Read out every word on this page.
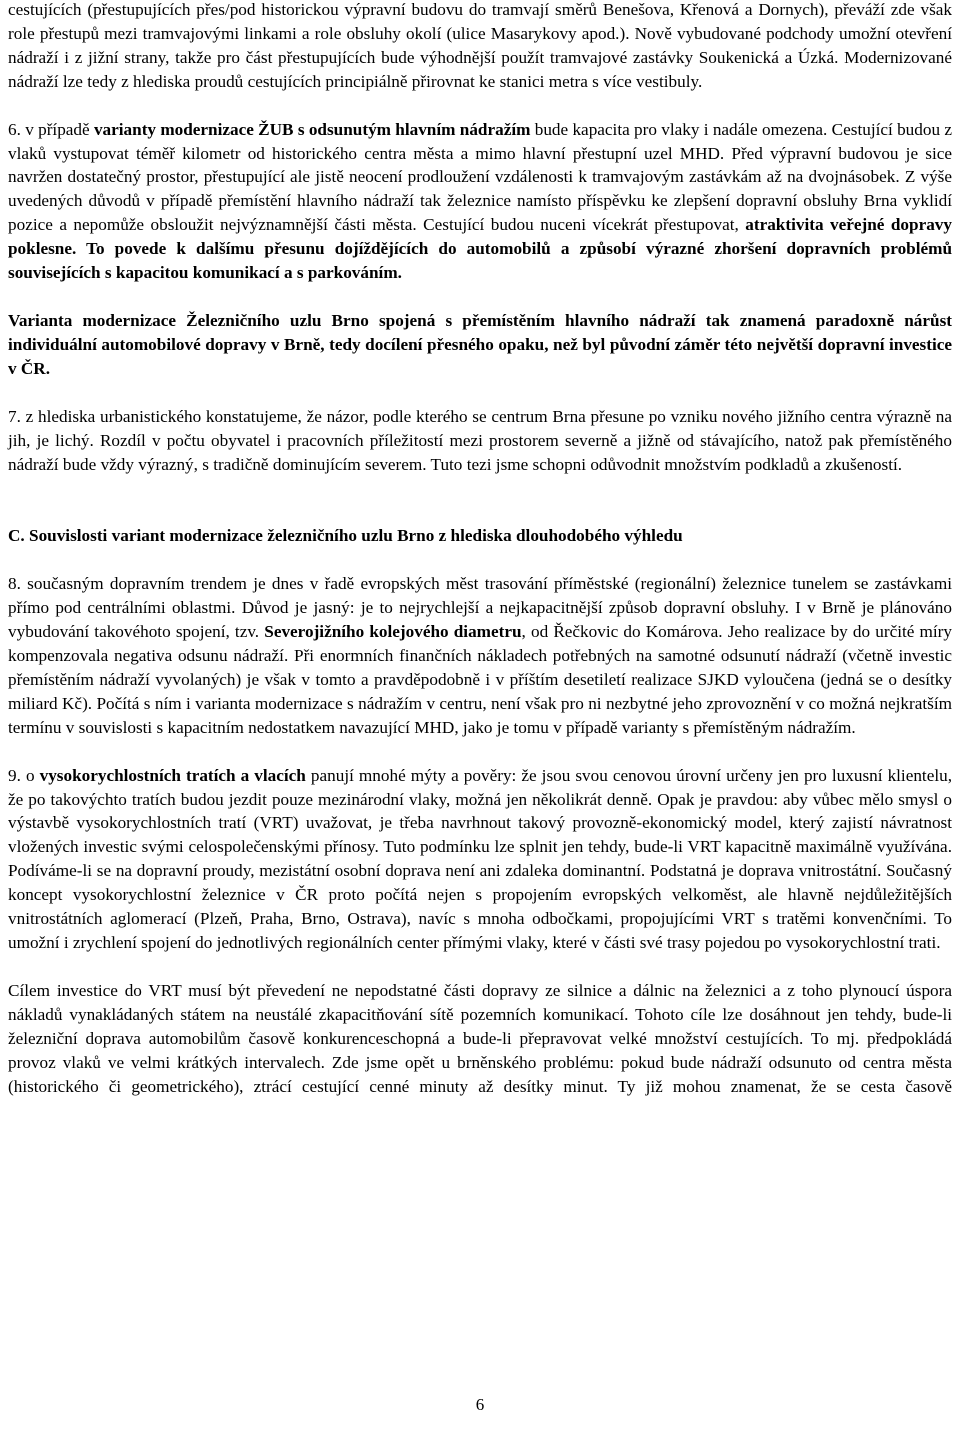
cestujících (přestupujících přes/pod historickou výpravní budovu do tramvají směrů Benešova, Křenová a Dornych), převáží zde však role přestupů mezi tramvajovými linkami a role obsluhy okolí (ulice Masarykovy apod.). Nově vybudované podchody umožní otevření nádraží i z jižní strany, takže pro část přestupujících bude výhodnější použít tramvajové zastávky Soukenická a Úzká. Modernizované nádraží lze tedy z hlediska proudů cestujících principiálně přirovnat ke stanici metra s více vestibuly.

6. v případě varianty modernizace ŽUB s odsunutým hlavním nádražím bude kapacita pro vlaky i nadále omezena. Cestující budou z vlaků vystupovat téměř kilometr od historického centra města a mimo hlavní přestupní uzel MHD. Před výpravní budovou je sice navržen dostatečný prostor, přestupující ale jistě neocení prodloužení vzdálenosti k tramvajovým zastávkám až na dvojnásobek. Z výše uvedených důvodů v případě přemístění hlavního nádraží tak železnice namísto příspěvku ke zlepšení dopravní obsluhy Brna vyklidí pozice a nepomůže obsloužit nejvýznamnější části města. Cestující budou nuceni vícekrát přestupovat, atraktivita veřejné dopravy poklesne. To povede k dalšímu přesunu dojíždějících do automobilů a způsobí výrazné zhoršení dopravních problémů souvisejících s kapacitou komunikací a s parkováním.

Varianta modernizace Železničního uzlu Brno spojená s přemístěním hlavního nádraží tak znamená paradoxně nárůst individuální automobilové dopravy v Brně, tedy docílení přesného opaku, než byl původní záměr této největší dopravní investice v ČR.

7. z hlediska urbanistického konstatujeme, že názor, podle kterého se centrum Brna přesune po vzniku nového jižního centra výrazně na jih, je lichý. Rozdíl v počtu obyvatel i pracovních příležitostí mezi prostorem severně a jižně od stávajícího, natož pak přemístěného nádraží bude vždy výrazný, s tradičně dominujícím severem. Tuto tezi jsme schopni odůvodnit množstvím podkladů a zkušeností.

C. Souvislosti variant modernizace železničního uzlu Brno z hlediska dlouhodobého výhledu

8. současným dopravním trendem je dnes v řadě evropských měst trasování příměstské (regionální) železnice tunelem se zastávkami přímo pod centrálními oblastmi. Důvod je jasný: je to nejrychlejší a nejkapacitnější způsob dopravní obsluhy. I v Brně je plánováno vybudování takovéhoto spojení, tzv. Severojižního kolejového diametru, od Řečkovic do Komárova. Jeho realizace by do určité míry kompenzovala negativa odsunu nádraží. Při enormních finančních nákladech potřebných na samotné odsunutí nádraží (včetně investic přemístěním nádraží vyvolaných) je však v tomto a pravděpodobně i v příštím desetiletí realizace SJKD vyloučena (jedná se o desítky miliard Kč). Počítá s ním i varianta modernizace s nádražím v centru, není však pro ni nezbytné jeho zprovoznění v co možná nejkratším termínu v souvislosti s kapacitním nedostatkem navazující MHD, jako je tomu v případě varianty s přemístěným nádražím.

9. o vysokorychlostních tratích a vlacích panují mnohé mýty a pověry: že jsou svou cenovou úrovní určeny jen pro luxusní klientelu, že po takovýchto tratích budou jezdit pouze mezinárodní vlaky, možná jen několikrát denně. Opak je pravdou: aby vůbec mělo smysl o výstavbě vysokorychlostních tratí (VRT) uvažovat, je třeba navrhnout takový provozně-ekonomický model, který zajistí návratnost vložených investic svými celospolečenskými přínosy. Tuto podmínku lze splnit jen tehdy, bude-li VRT kapacitně maximálně využívána. Podíváme-li se na dopravní proudy, mezistátní osobní doprava není ani zdaleka dominantní. Podstatná je doprava vnitrostátní. Současný koncept vysokorychlostní železnice v ČR proto počítá nejen s propojením evropských velkoměst, ale hlavně nejdůležitějších vnitrostátních aglomerací (Plzeň, Praha, Brno, Ostrava), navíc s mnoha odbočkami, propojujícími VRT s tratěmi konvenčními. To umožní i zrychlení spojení do jednotlivých regionálních center přímými vlaky, které v části své trasy pojedou po vysokorychlostní trati.

Cílem investice do VRT musí být převedení ne nepodstatné části dopravy ze silnice a dálnic na železnici a z toho plynoucí úspora nákladů vynakládaných státem na neustálé zkapacitňování sítě pozemních komunikací. Tohoto cíle lze dosáhnout jen tehdy, bude-li železniční doprava automobilům časově konkurenceschopná a bude-li přepravovat velké množství cestujících. To mj. předpokládá provoz vlaků ve velmi krátkých intervalech. Zde jsme opět u brněnského problému: pokud bude nádraží odsunuto od centra města (historického či geometrického), ztrácí cestující cenné minuty až desítky minut. Ty již mohou znamenat, že se cesta časově

6
